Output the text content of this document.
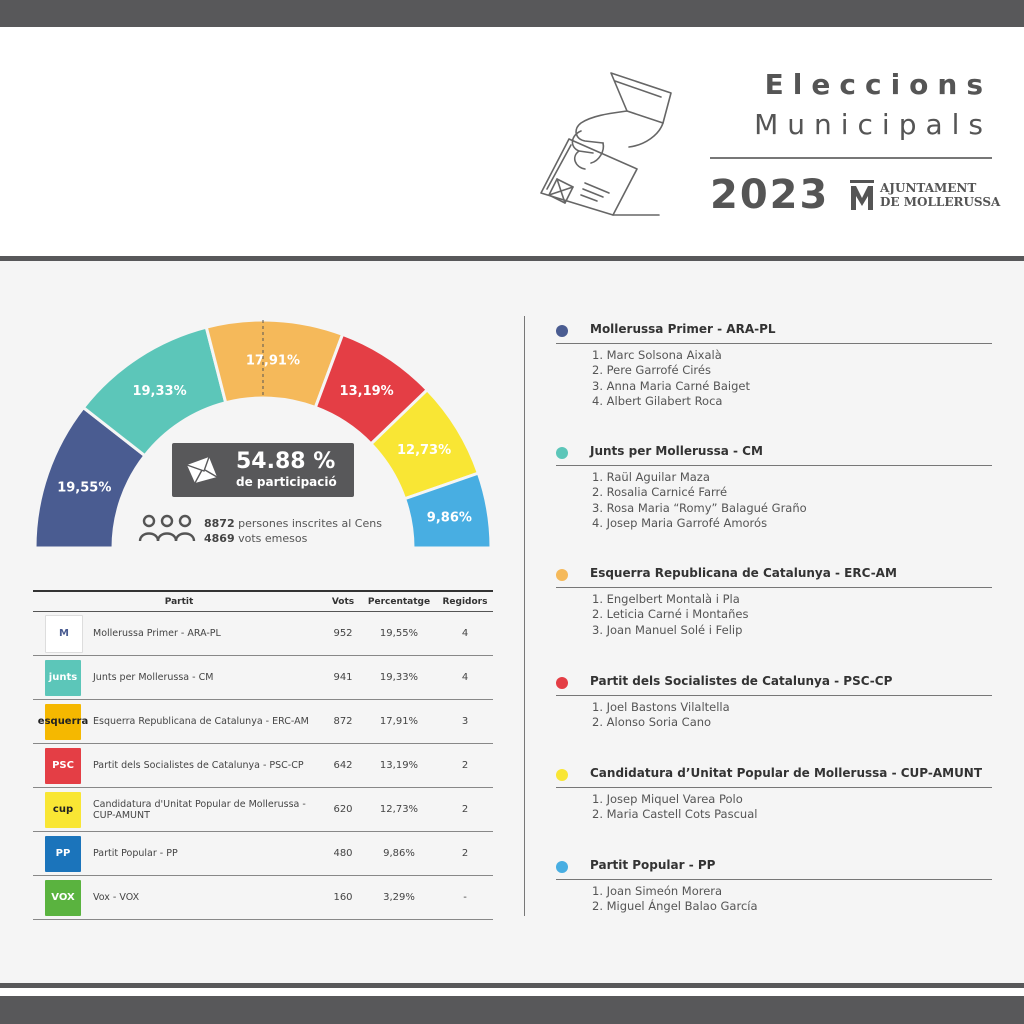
Eleccions
Municipals
2023	AJUNTAMENT
DE MOLLERUSSA
19,55%
19,33%
17,91%
13,19%
12,73%
9,86%
54.88 %
de participació
8872 persones inscrites al Cens
4869 vots emesos
Partit		Vots	Percentatge	Regidors

M	Mollerussa Primer - ARA-PL	952	19,55%	4

junts	Junts per Mollerussa - CM	941	19,33%	4

esquerra	Esquerra Republicana de Catalunya - ERC-AM	872	17,91%	3

PSC	Partit dels Socialistes de Catalunya - PSC-CP	642	13,19%	2

cup	Candidatura d'Unitat Popular de Mollerussa - CUP-AMUNT	620	12,73%	2

PP	Partit Popular - PP	480	9,86%	2

VOX	Vox - VOX	160	3,29%	-
Mollerussa Primer - ARA-PL
1. Marc Solsona Aixalà
2. Pere Garrofé Cirés
3. Anna Maria Carné Baiget
4. Albert Gilabert Roca
Junts per Mollerussa - CM
1. Raül Aguilar Maza
2. Rosalia Carnicé Farré
3. Rosa Maria “Romy” Balagué Graño
4. Josep Maria Garrofé Amorós
Esquerra Republicana de Catalunya - ERC-AM
1. Engelbert Montalà i Pla
2. Leticia Carné i Montañes
3. Joan Manuel Solé i Felip
Partit dels Socialistes de Catalunya - PSC-CP
1. Joel Bastons Vilaltella
2. Alonso Soria Cano
Candidatura d’Unitat Popular de Mollerussa - CUP-AMUNT
1. Josep Miquel Varea Polo
2. Maria Castell Cots Pascual
Partit Popular - PP
1. Joan Simeón Morera
2. Miguel Ángel Balao García
